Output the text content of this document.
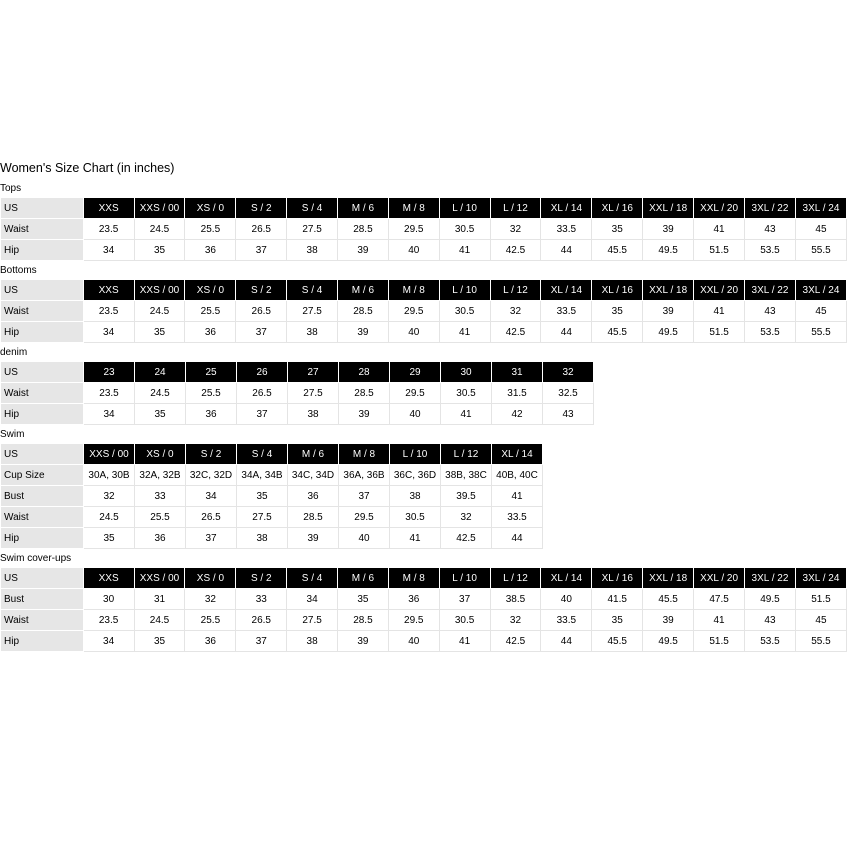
Women's Size Chart (in inches)
Tops
US	XXS	XXS / 00	XS / 0	S / 2	S / 4	M / 6	M / 8	L / 10	L / 12	XL / 14	XL / 16	XXL / 18	XXL / 20	3XL / 22	3XL / 24
Waist	23.5	24.5	25.5	26.5	27.5	28.5	29.5	30.5	32	33.5	35	39	41	43	45
Hip	34	35	36	37	38	39	40	41	42.5	44	45.5	49.5	51.5	53.5	55.5
Bottoms
US	XXS	XXS / 00	XS / 0	S / 2	S / 4	M / 6	M / 8	L / 10	L / 12	XL / 14	XL / 16	XXL / 18	XXL / 20	3XL / 22	3XL / 24
Waist	23.5	24.5	25.5	26.5	27.5	28.5	29.5	30.5	32	33.5	35	39	41	43	45
Hip	34	35	36	37	38	39	40	41	42.5	44	45.5	49.5	51.5	53.5	55.5
denim
US	23	24	25	26	27	28	29	30	31	32
Waist	23.5	24.5	25.5	26.5	27.5	28.5	29.5	30.5	31.5	32.5
Hip	34	35	36	37	38	39	40	41	42	43
Swim
US	XXS / 00	XS / 0	S / 2	S / 4	M / 6	M / 8	L / 10	L / 12	XL / 14
Cup Size	30A, 30B	32A, 32B	32C, 32D	34A, 34B	34C, 34D	36A, 36B	36C, 36D	38B, 38C	40B, 40C
Bust	32	33	34	35	36	37	38	39.5	41
Waist	24.5	25.5	26.5	27.5	28.5	29.5	30.5	32	33.5
Hip	35	36	37	38	39	40	41	42.5	44
Swim cover-ups
US	XXS	XXS / 00	XS / 0	S / 2	S / 4	M / 6	M / 8	L / 10	L / 12	XL / 14	XL / 16	XXL / 18	XXL / 20	3XL / 22	3XL / 24
Bust	30	31	32	33	34	35	36	37	38.5	40	41.5	45.5	47.5	49.5	51.5
Waist	23.5	24.5	25.5	26.5	27.5	28.5	29.5	30.5	32	33.5	35	39	41	43	45
Hip	34	35	36	37	38	39	40	41	42.5	44	45.5	49.5	51.5	53.5	55.5
